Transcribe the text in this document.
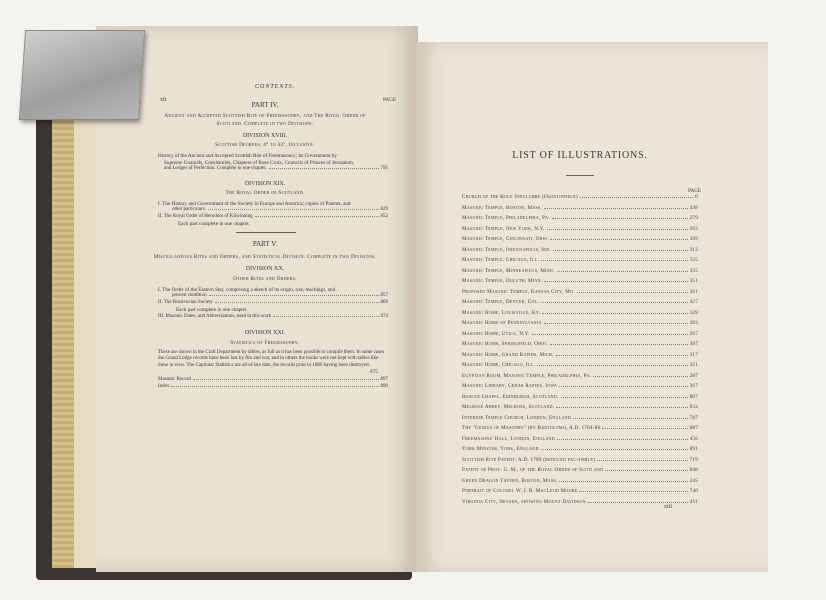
xii
CONTENTS.
PAGE
PART IV.
Ancient and Accepted Scottish Rite of Freemasonry, and The Royal Order of
Scotland. Complete in two Divisions.
DIVISION XVIII.
Scottish Degrees, 4° to 33°, Inclusive.
History of the Ancient and Accepted Scottish Rite of Freemasonry; its Government by
Supreme Councils, Consistories, Chapters of Rose Croix, Councils of Princes of Jerusalem,
and Lodges of Perfection. Complete in one chapter.	795
DIVISION XIX.
The Royal Order of Scotland.
I. The History and Government of the Society in Europe and America; copies of Patents, and
other particulars.	829
II. The Royal Order of Herodom of Kilwinning	852
Each part complete in one chapter.
PART V.
Miscellaneous Rites and Orders, and Statistical Division. Complete in two Divisions.
DIVISION XX.
Other Rites and Orders.
I. The Order of the Eastern Star, comprising a sketch of its origin, rise, teachings, and
present condition	857
II. The Rosicrucian Society	869
Each part complete in one chapter.
III. Masonic Dates, and Abbreviations, used in this work	874
DIVISION XXI.
Statistics of Freemasonry.
These are shown in the Craft Department by tables, as full as it has been possible to compile them. In some cases the Grand Lodge records have been lost by fire and war, and in others the books were not kept with tables like these in view. The Capitular Statistics are all of late date, the records prior to 1880 having been destroyed.
875
Masonic Record	897
Index	899
LIST OF ILLUSTRATIONS.
PAGE
Church of the Holy Sepulchre (Frontispiece)	0
Masonic Temple, Boston, Mass.	438
Masonic Temple, Philadelphia, Pa.	279
Masonic Temple, New York, N.Y.	263
Masonic Temple, Cincinnati, Ohio	309
Masonic Temple, Indianapolis, Ind.	313
Masonic Temple, Chicago, Ill.	325
Masonic Temple, Minneapolis, Minn.	355
Masonic Temple, Duluth, Minn.	351
Proposed Masonic Temple, Kansas City, Mo.	361
Masonic Temple, Denver, Col.	427
Masonic Home, Louisville, Ky.	329
Masonic Home of Pennsylvania	283
Masonic Home, Utica, N.Y.	267
Masonic Home, Springfield, Ohio.	307
Masonic Home, Grand Rapids, Mich.	317
Masonic Home, Chicago, Ill.	321
Egyptian Room, Masonic Temple, Philadelphia, Pa.	287
Masonic Library, Cedar Rapids, Iowa	367
Roslyn Chapel, Edinburgh, Scotland.	807
Melrose Abbey, Melrose, Scotland.	832
Interior Temple Church, London, England	787
The "Genius of Masonry" (by Bartolomi), A.D. 1784-86	687
Freemasons' Hall, London, England	456
York Minster, York, England	891
Scottish Rite Patent, A.D. 1789 (reduced fac-simile)	719
Patent of Prov. G. M., of the Royal Order of Scotland	848
Green Dragon Tavern, Boston, Mass.	245
Portrait of Colonel W. J. B. MacLeod Moore	740
Virginia City, Nevada, showing Mount Davidson	411
xiii
